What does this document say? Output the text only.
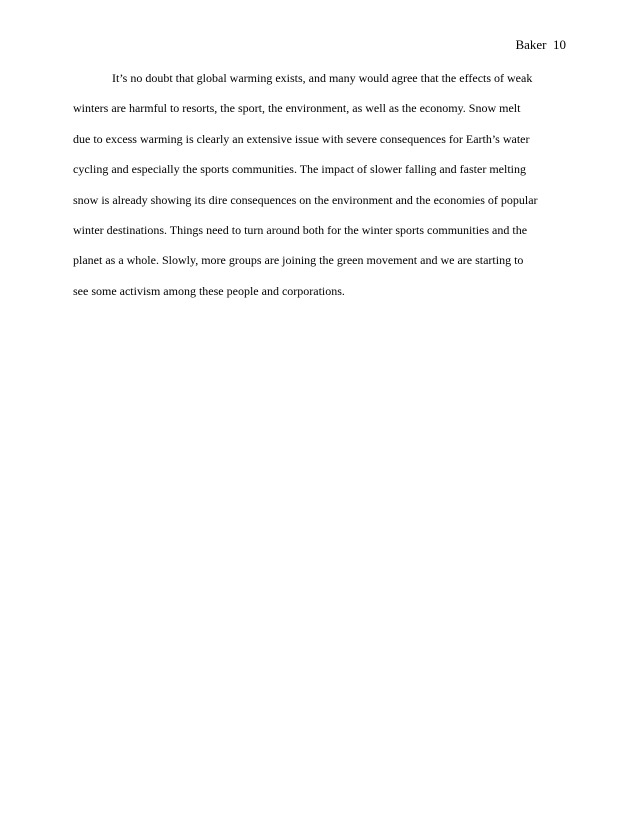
Baker  10
It’s no doubt that global warming exists, and many would agree that the effects of weak
winters are harmful to resorts, the sport, the environment, as well as the economy. Snow melt
due to excess warming is clearly an extensive issue with severe consequences for Earth’s water
cycling and especially the sports communities. The impact of slower falling and faster melting
snow is already showing its dire consequences on the environment and the economies of popular
winter destinations. Things need to turn around both for the winter sports communities and the
planet as a whole. Slowly, more groups are joining the green movement and we are starting to
see some activism among these people and corporations.
